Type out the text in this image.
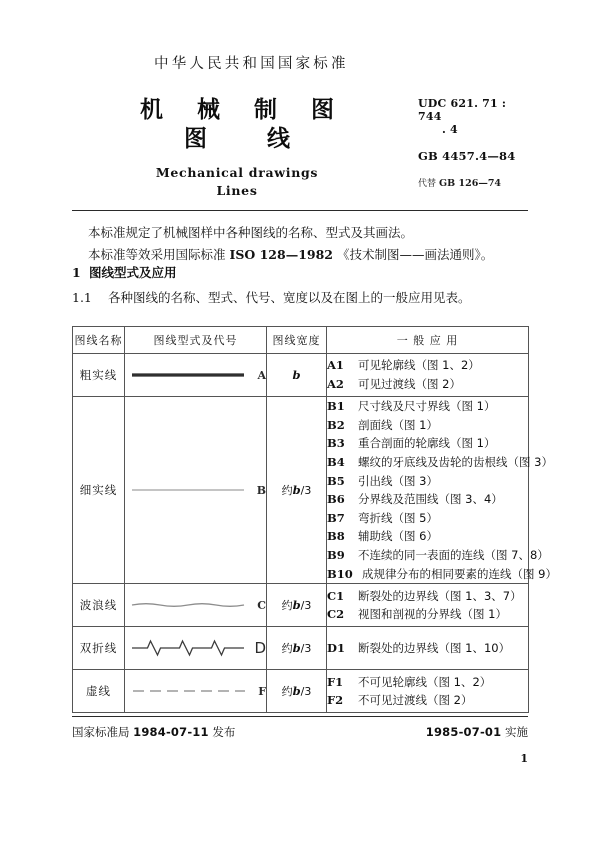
中华人民共和国国家标准
机 械 制 图
图 线
Mechanical drawings
Lines
UDC 621. 71 : 744
. 4
GB 4457.4—84
代替 GB 126—74
本标准规定了机械图样中各种图线的名称、型式及其画法。
本标准等效采用国际标准 ISO 128—1982 《技术制图——画法通则》。
1 图线型式及应用
1.1 各种图线的名称、型式、代号、宽度以及在图上的一般应用见表。
图线名称	图线型式及代号	图线宽度	一 般 应 用
粗实线	A	b	A1 可见轮廓线（图 1、2）
A2 可见过渡线（图 2）

细实线	B	约b/3	
B1 尺寸线及尺寸界线（图 1）
B2 剖面线（图 1）
B3 重合剖面的轮廓线（图 1）
B4 螺纹的牙底线及齿轮的齿根线（图 3）
B5 引出线（图 3）
B6 分界线及范围线（图 3、4）
B7 弯折线（图 5）
B8 辅助线（图 6）
B9 不连续的同一表面的连线（图 7、8）
B10 成规律分布的相同要素的连线（图 9）

波浪线	C	约b/3	C1 断裂处的边界线（图 1、3、7）
C2 视图和剖视的分界线（图 1）

双折线	D	约b/3	D1 断裂处的边界线（图 1、10）

虚线	F	约b/3	F1 不可见轮廓线（图 1、2）
F2 不可见过渡线（图 2）
国家标准局 1984-07-11 发布	1985-07-01 实施
1
